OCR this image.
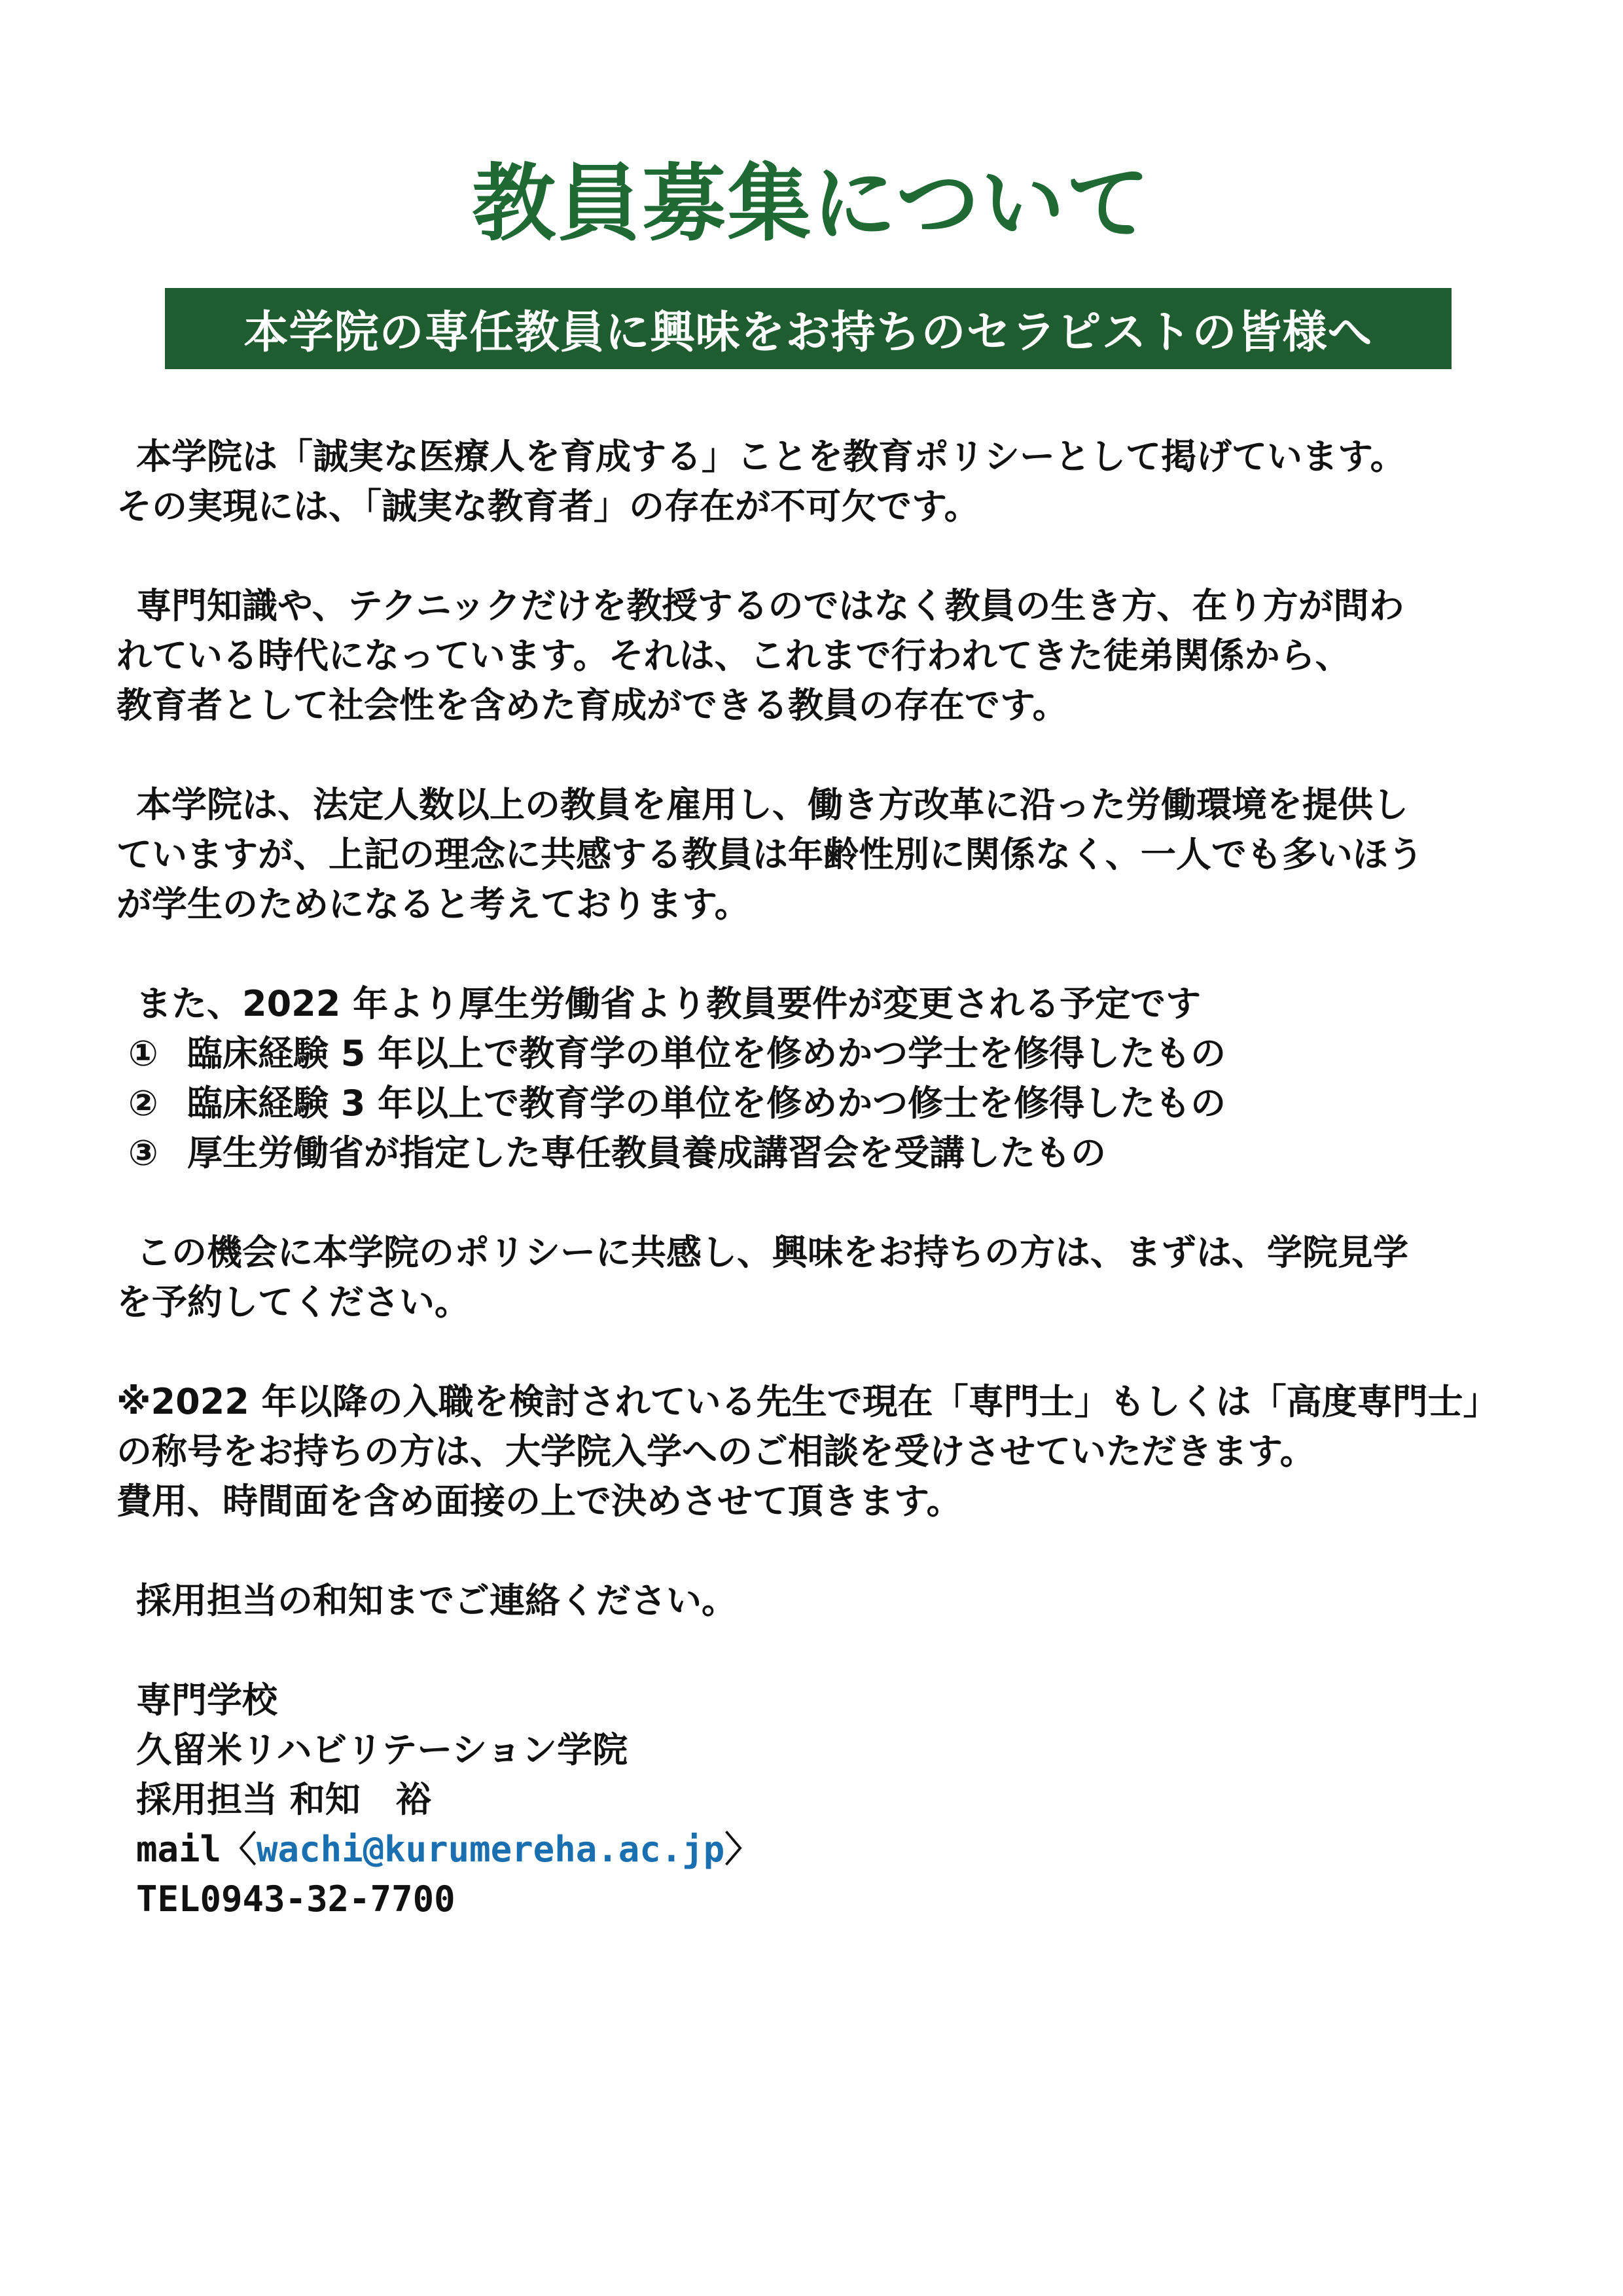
教員募集について
本学院の専任教員に興味をお持ちのセラピストの皆様へ

本学院は「誠実な医療人を育成する」ことを教育ポリシーとして掲げています。
その実現には、「誠実な教育者」の存在が不可欠です。

専門知識や、テクニックだけを教授するのではなく教員の生き方、在り方が問わ
れている時代になっています。それは、これまで行われてきた徒弟関係から、
教育者として社会性を含めた育成ができる教員の存在です。

本学院は、法定人数以上の教員を雇用し、働き方改革に沿った労働環境を提供し
ていますが、上記の理念に共感する教員は年齢性別に関係なく、一人でも多いほう
が学生のためになると考えております。

また、2022 年より厚生労働省より教員要件が変更される予定です
① 臨床経験 5 年以上で教育学の単位を修めかつ学士を修得したもの
② 臨床経験 3 年以上で教育学の単位を修めかつ修士を修得したもの
③ 厚生労働省が指定した専任教員養成講習会を受講したもの

この機会に本学院のポリシーに共感し、興味をお持ちの方は、まずは、学院見学
を予約してください。

※2022 年以降の入職を検討されている先生で現在「専門士」もしくは「高度専門士」
の称号をお持ちの方は、大学院入学へのご相談を受けさせていただきます。
費用、時間面を含め面接の上で決めさせて頂きます。

採用担当の和知までご連絡ください。

専門学校
久留米リハビリテーション学院
採用担当 和知　裕
mail〈wachi@kurumereha.ac.jp〉
TEL0943-32-7700
